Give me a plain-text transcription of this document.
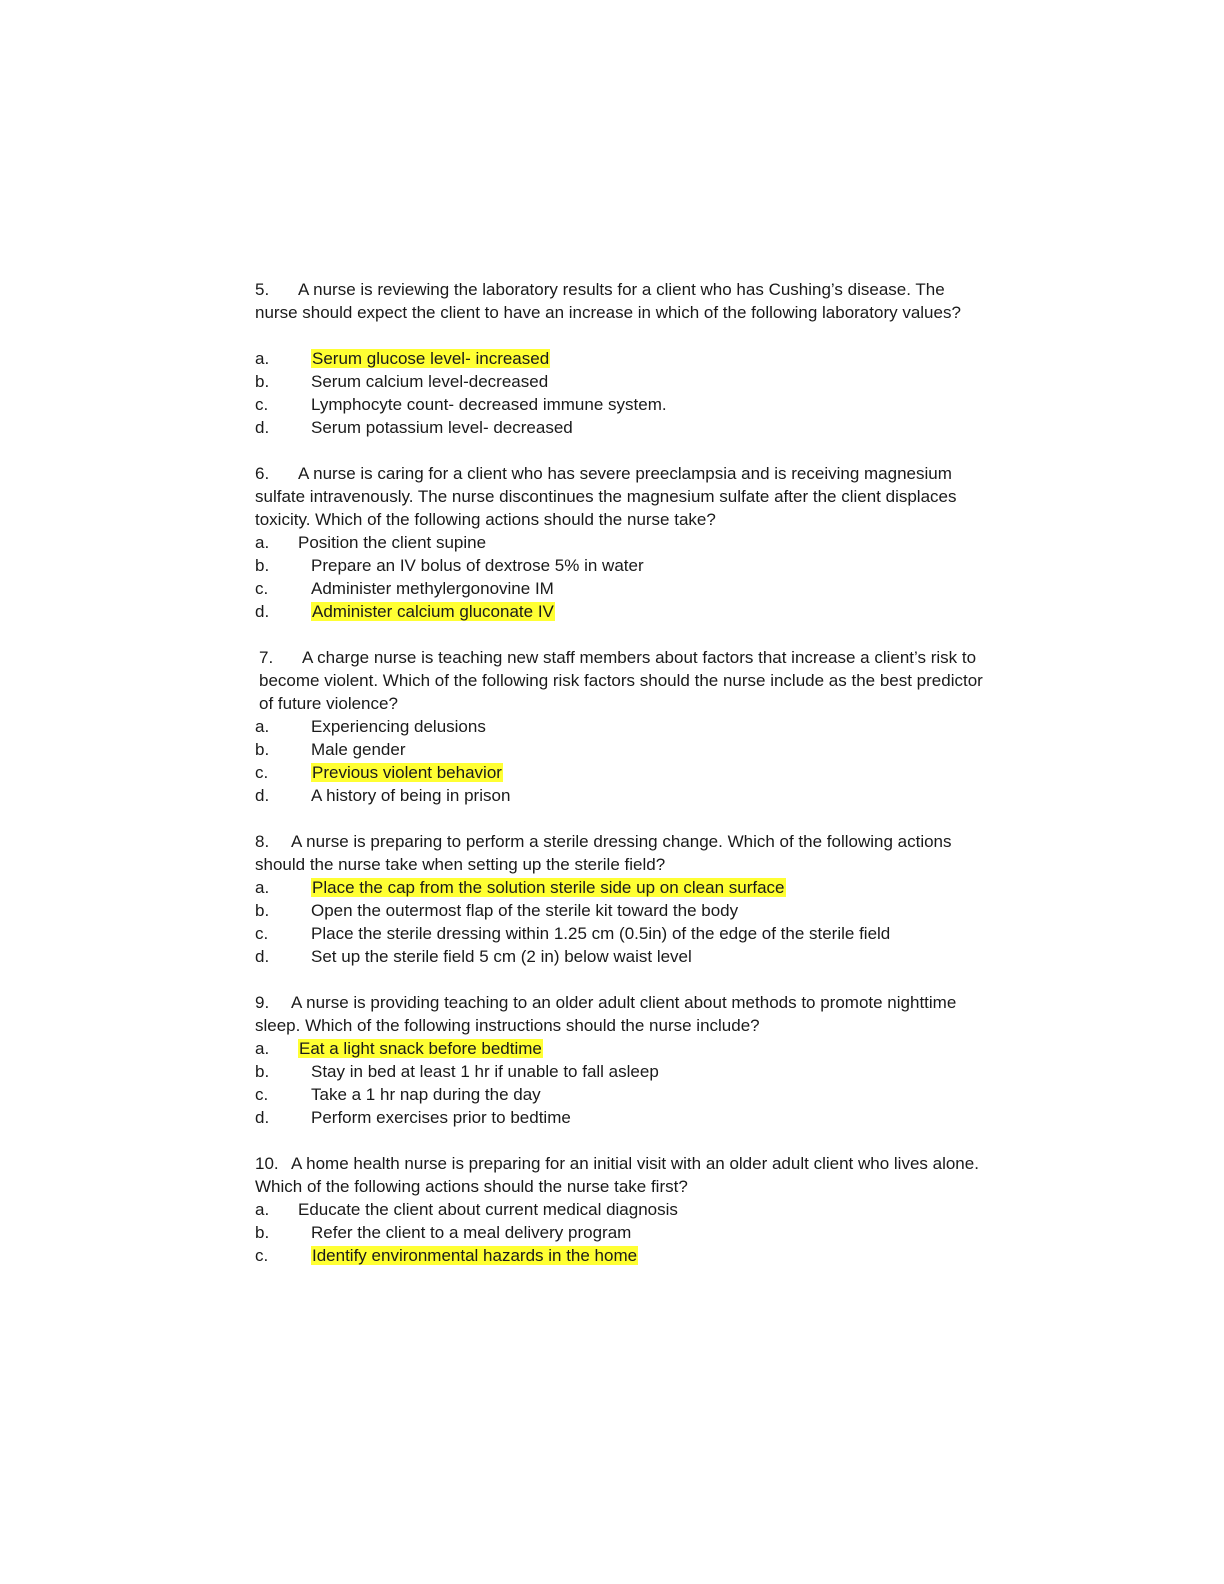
5. A nurse is reviewing the laboratory results for a client who has Cushing’s disease. The nurse should expect the client to have an increase in which of the following laboratory values?

a.	Serum glucose level- increased
b. Serum calcium level-decreased
c.	Lymphocyte count- decreased immune system.
d. Serum potassium level- decreased

6. A nurse is caring for a client who has severe preeclampsia and is receiving magnesium sulfate intravenously. The nurse discontinues the magnesium sulfate after the client displaces toxicity. Which of the following actions should the nurse take?

a. Position the client supine
b. Prepare an IV bolus of dextrose 5% in water
c.	Administer methylergonovine IM
d.	Administer calcium gluconate IV

7. A charge nurse is teaching new staff members about factors that increase a client’s risk to become violent. Which of the following risk factors should the nurse include as the best predictor of future violence?

a. Experiencing delusions
b. Male gender
c.	Previous violent behavior
d. A history of being in prison

8. A nurse is preparing to perform a sterile dressing change. Which of the following actions should the nurse take when setting up the sterile field?

a.	Place the cap from the solution sterile side up on clean surface
b. Open the outermost flap of the sterile kit toward the body
c.	Place the sterile dressing within 1.25 cm (0.5in) of the edge of the sterile field
d. Set up the sterile field 5 cm (2 in) below waist level

9. A nurse is providing teaching to an older adult client about methods to promote nighttime sleep. Which of the following instructions should the nurse include?

a. Eat a light snack before bedtime
b. Stay in bed at least 1 hr if unable to fall asleep
c.	Take a 1 hr nap during the day
d. Perform exercises prior to bedtime

10. A home health nurse is preparing for an initial visit with an older adult client who lives alone. Which of the following actions should the nurse take first?

a. Educate the client about current medical diagnosis
b. Refer the client to a meal delivery program
c.	Identify environmental hazards in the home
